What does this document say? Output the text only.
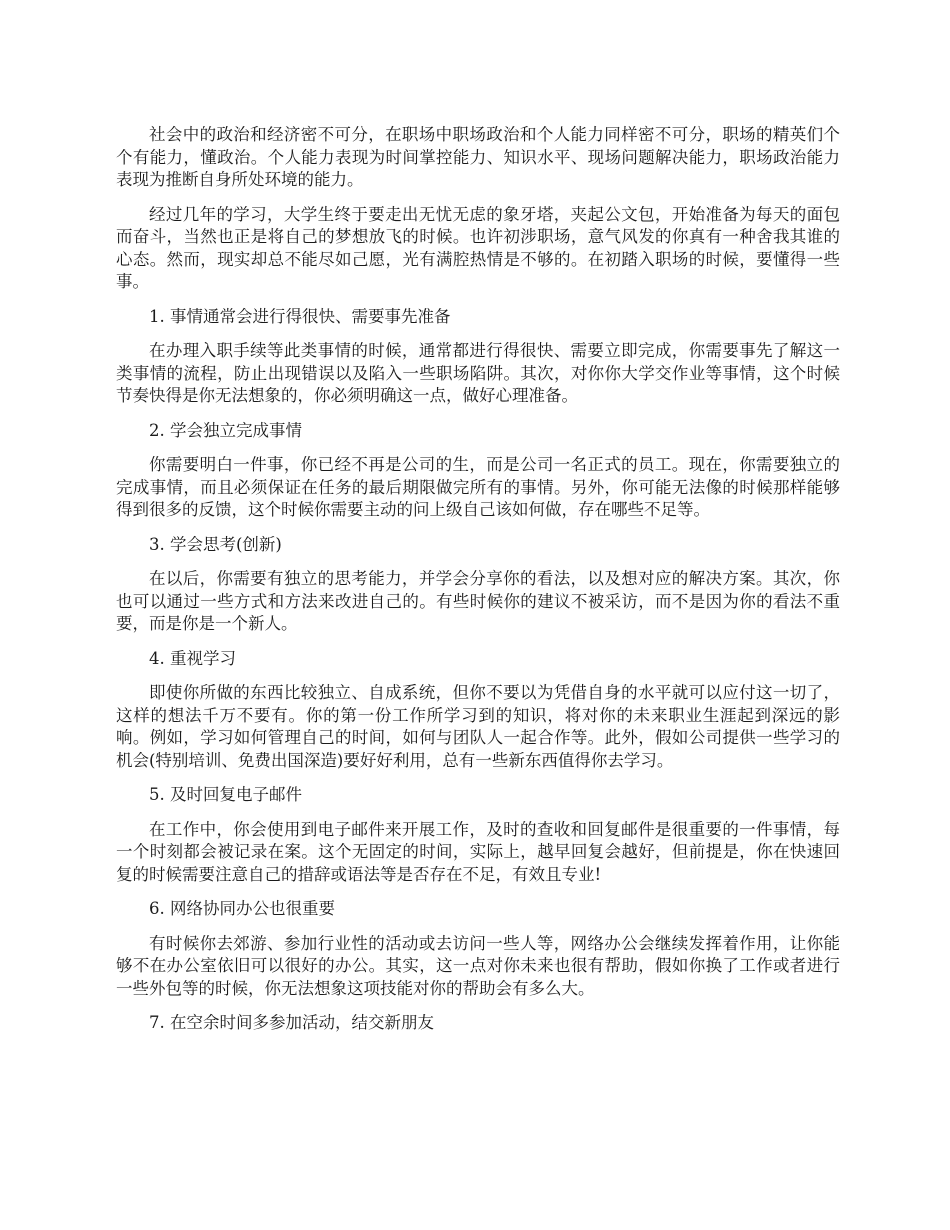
社会中的政治和经济密不可分，在职场中职场政治和个人能力同样密不可分，职场的精英们个个有能力，懂政治。个人能力表现为时间掌控能力、知识水平、现场问题解决能力，职场政治能力表现为推断自身所处环境的能力。

经过几年的学习，大学生终于要走出无忧无虑的象牙塔，夹起公文包，开始准备为每天的面包而奋斗，当然也正是将自己的梦想放飞的时候。也许初涉职场，意气风发的你真有一种舍我其谁的心态。然而，现实却总不能尽如己愿，光有满腔热情是不够的。在初踏入职场的时候，要懂得一些事。

1. 事情通常会进行得很快、需要事先准备

在办理入职手续等此类事情的时候，通常都进行得很快、需要立即完成，你需要事先了解这一类事情的流程，防止出现错误以及陷入一些职场陷阱。其次，对你你大学交作业等事情，这个时候节奏快得是你无法想象的，你必须明确这一点，做好心理准备。

2. 学会独立完成事情

你需要明白一件事，你已经不再是公司的生，而是公司一名正式的员工。现在，你需要独立的完成事情，而且必须保证在任务的最后期限做完所有的事情。另外，你可能无法像的时候那样能够得到很多的反馈，这个时候你需要主动的问上级自己该如何做，存在哪些不足等。

3. 学会思考(创新)

在以后，你需要有独立的思考能力，并学会分享你的看法，以及想对应的解决方案。其次，你也可以通过一些方式和方法来改进自己的。有些时候你的建议不被采访，而不是因为你的看法不重要，而是你是一个新人。

4. 重视学习

即使你所做的东西比较独立、自成系统，但你不要以为凭借自身的水平就可以应付这一切了，这样的想法千万不要有。你的第一份工作所学习到的知识，将对你的未来职业生涯起到深远的影响。例如，学习如何管理自己的时间，如何与团队人一起合作等。此外，假如公司提供一些学习的机会(特别培训、免费出国深造)要好好利用，总有一些新东西值得你去学习。

5. 及时回复电子邮件

在工作中，你会使用到电子邮件来开展工作，及时的查收和回复邮件是很重要的一件事情，每一个时刻都会被记录在案。这个无固定的时间，实际上，越早回复会越好，但前提是，你在快速回复的时候需要注意自己的措辞或语法等是否存在不足，有效且专业!

6. 网络协同办公也很重要

有时候你去郊游、参加行业性的活动或去访问一些人等，网络办公会继续发挥着作用，让你能够不在办公室依旧可以很好的办公。其实，这一点对你未来也很有帮助，假如你换了工作或者进行一些外包等的时候，你无法想象这项技能对你的帮助会有多么大。

7. 在空余时间多参加活动，结交新朋友
